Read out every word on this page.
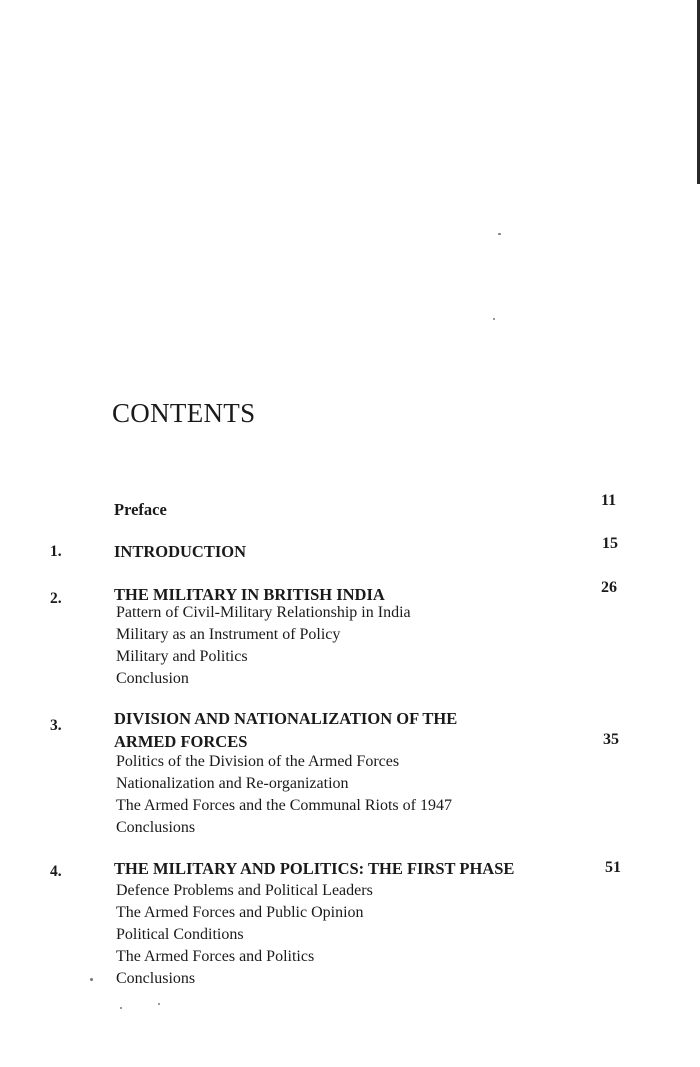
CONTENTS
Preface	11
1.	INTRODUCTION	15
2.	THE MILITARY IN BRITISH INDIA	26
Pattern of Civil-Military Relationship in India
Military as an Instrument of Policy
Military and Politics
Conclusion
3.	DIVISION AND NATIONALIZATION OF THE
ARMED FORCES	35
Politics of the Division of the Armed Forces
Nationalization and Re-organization
The Armed Forces and the Communal Riots of 1947
Conclusions
4.	THE MILITARY AND POLITICS: THE FIRST PHASE	51
Defence Problems and Political Leaders
The Armed Forces and Public Opinion
Political Conditions
The Armed Forces and Politics
Conclusions
